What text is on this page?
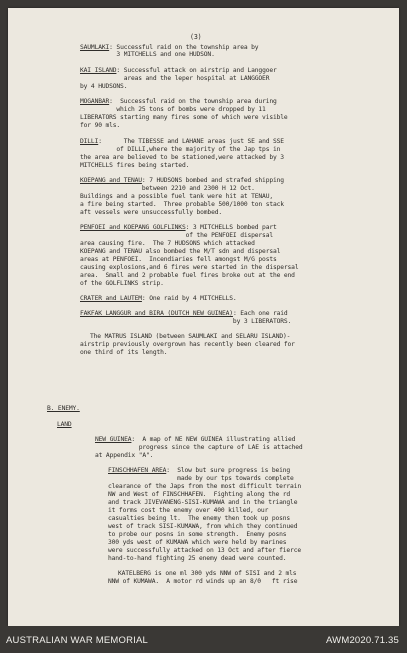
(3)
SAUMLAKI: Successful raid on the township area by
3 MITCHELLS and one HUDSON.
KAI ISLAND: Successful attack on airstrip and Langgoer
areas and the leper hospital at LANGGOER
by 4 HUDSONS.
MOGANBAR:  Successful raid on the township area during
which 25 tons of bombs were dropped by 11
LIBERATORS starting many fires some of which were visible
for 90 mls.
DILLI:      The TIBESSE and LAHANE areas just SE and SSE
of DILLI,where the majority of the Jap tps in
the area are believed to be stationed,were attacked by 3
MITCHELLS fires being started.
KOEPANG and TENAU: 7 HUDSONS bombed and strafed shipping
between 2210 and 2300 H 12 Oct.
Buildings and a possible fuel tank were hit at TENAU,
a fire being started.  Three probable 500/1000 ton stack
aft vessels were unsuccessfully bombed.
PENFOEI and KOEPANG GOLFLINKS: 3 MITCHELLS bombed part
of the PENFOEI dispersal
area causing fire.  The 7 HUDSONS which attacked
KOEPANG and TENAU also bombed the M/T sdn and dispersal
areas at PENFOEI.  Incendiaries fell amongst M/G posts
causing explosions,and 6 fires were started in the dispersal
area.  Small and 2 probable fuel fires broke out at the end
of the GOLFLINKS strip.
CRATER and LAUTEM: One raid by 4 MITCHELLS.
FAKFAK LANGGUR and BIRA (DUTCH NEW GUINEA): Each one raid
by 3 LIBERATORS.
The MATRUS ISLAND (between SAUMLAKI and SELARU ISLAND)-
airstrip previously overgrown has recently been cleared for
one third of its length.
B. ENEMY.
LAND
NEW GUINEA:  A map of NE NEW GUINEA illustrating allied
progress since the capture of LAE is attached
at Appendix "A".
FINSCHHAFEN AREA:  Slow but sure progress is being
made by our tps towards complete
clearance of the Japs from the most difficult terrain
NW and West of FINSCHHAFEN.  Fighting along the rd
and track JIVEVANENG-SISI-KUMAWA and in the triangle
it forms cost the enemy over 400 killed, our
casualties being lt.  The enemy then took up posns
west of track SISI-KUMAWA, from which they continued
to probe our posns in some strength.  Enemy posns
300 yds west of KUMAWA which were held by marines
were successfully attacked on 13 Oct and after fierce
hand-to-hand fighting 25 enemy dead were counted.
KATELBERG is one ml 300 yds NNW of SISI and 2 mls
NNW of KUMAWA.  A motor rd winds up an 8/0   ft rise
AUSTRALIAN WAR MEMORIAL	AWM2020.71.35
